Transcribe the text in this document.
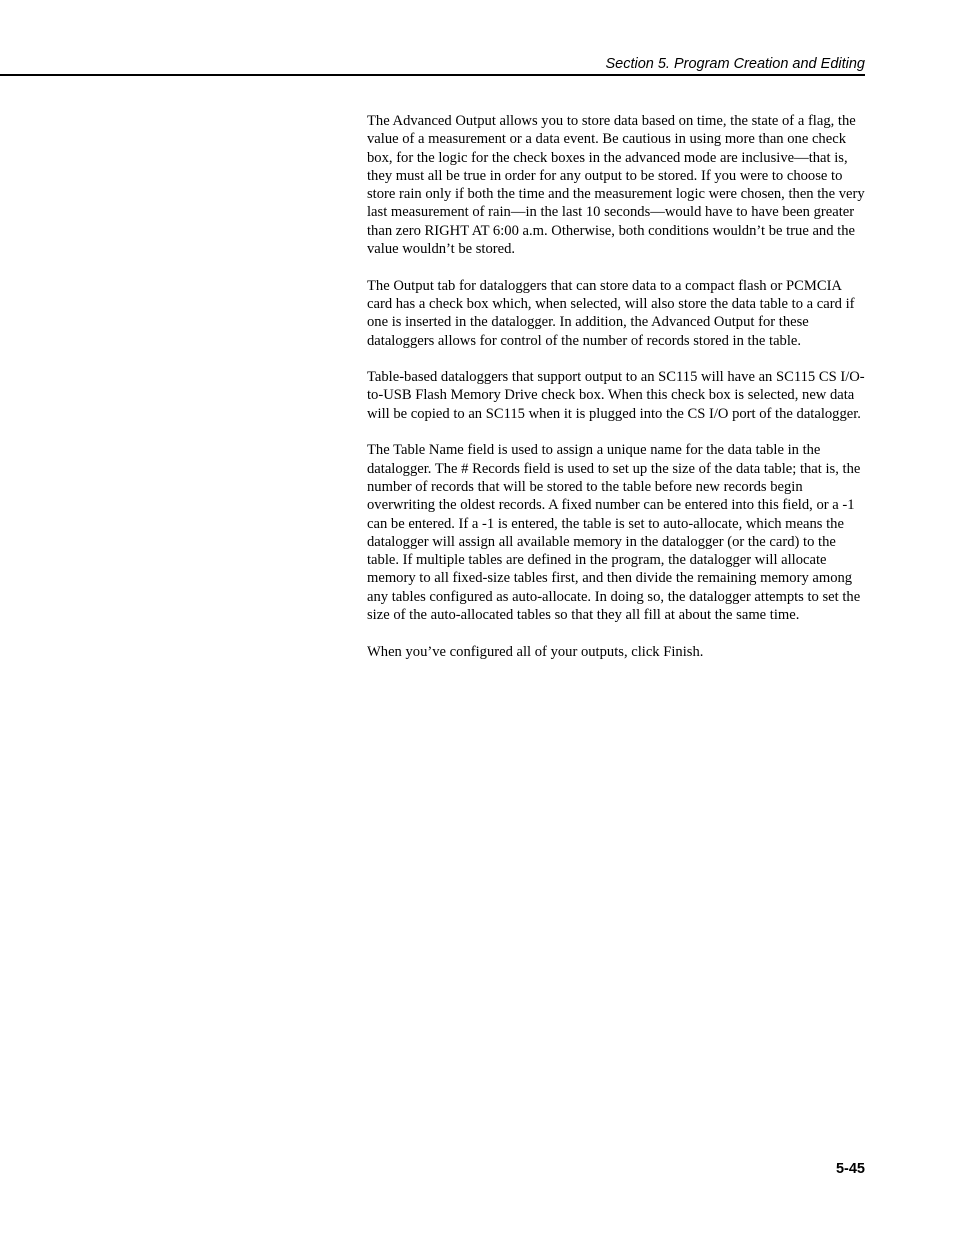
Section 5. Program Creation and Editing

The Advanced Output allows you to store data based on time, the state of a flag, the value of a measurement or a data event. Be cautious in using more than one check box, for the logic for the check boxes in the advanced mode are inclusive—that is, they must all be true in order for any output to be stored. If you were to choose to store rain only if both the time and the measurement logic were chosen, then the very last measurement of rain—in the last 10 seconds—would have to have been greater than zero RIGHT AT 6:00 a.m. Otherwise, both conditions wouldn’t be true and the value wouldn’t be stored.

The Output tab for dataloggers that can store data to a compact flash or PCMCIA card has a check box which, when selected, will also store the data table to a card if one is inserted in the datalogger. In addition, the Advanced Output for these dataloggers allows for control of the number of records stored in the table.

Table-based dataloggers that support output to an SC115 will have an SC115 CS I/O-to-USB Flash Memory Drive check box. When this check box is selected, new data will be copied to an SC115 when it is plugged into the CS I/O port of the datalogger.

The Table Name field is used to assign a unique name for the data table in the datalogger. The # Records field is used to set up the size of the data table; that is, the number of records that will be stored to the table before new records begin overwriting the oldest records. A fixed number can be entered into this field, or a -1 can be entered. If a -1 is entered, the table is set to auto-allocate, which means the datalogger will assign all available memory in the datalogger (or the card) to the table. If multiple tables are defined in the program, the datalogger will allocate memory to all fixed-size tables first, and then divide the remaining memory among any tables configured as auto-allocate. In doing so, the datalogger attempts to set the size of the auto-allocated tables so that they all fill at about the same time.

When you’ve configured all of your outputs, click Finish.

5-45
